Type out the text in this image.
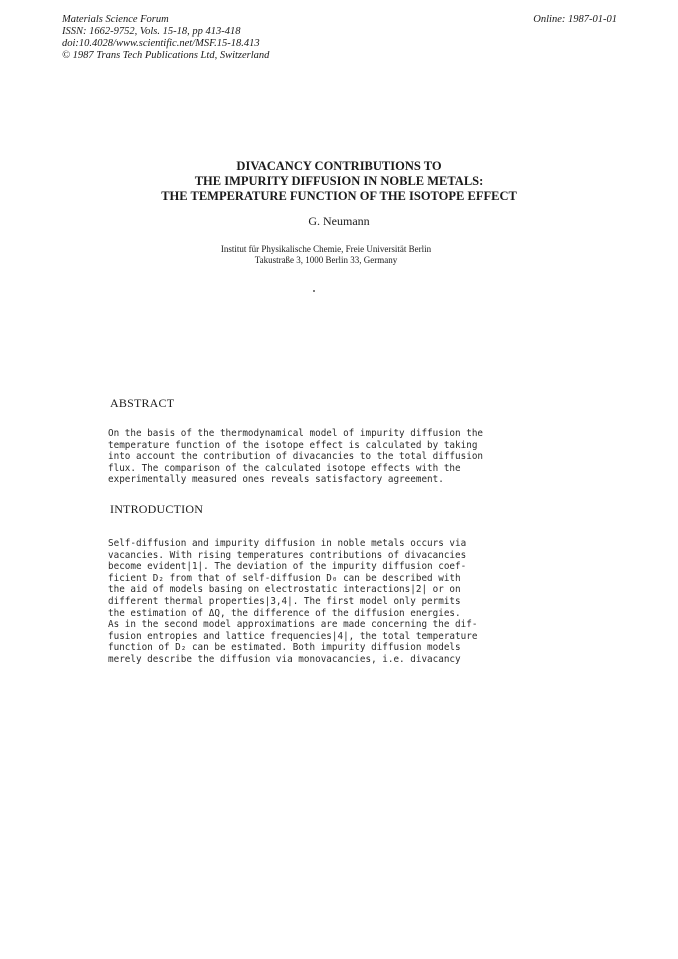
Materials Science Forum
ISSN: 1662-9752, Vols. 15-18, pp 413-418
doi:10.4028/www.scientific.net/MSF.15-18.413
© 1987 Trans Tech Publications Ltd, Switzerland
Online: 1987-01-01
DIVACANCY CONTRIBUTIONS TO
THE IMPURITY DIFFUSION IN NOBLE METALS:
THE TEMPERATURE FUNCTION OF THE ISOTOPE EFFECT
G. Neumann
Institut für Physikalische Chemie, Freie Universität Berlin
Takustraße 3, 1000 Berlin 33, Germany
ABSTRACT
On the basis of the thermodynamical model of impurity diffusion the
temperature function of the isotope effect is calculated by taking
into account the contribution of divacancies to the total diffusion
flux. The comparison of the calculated isotope effects with the
experimentally measured ones reveals satisfactory agreement.
INTRODUCTION
Self-diffusion and impurity diffusion in noble metals occurs via
vacancies. With rising temperatures contributions of divacancies
become evident|1|. The deviation of the impurity diffusion coef-
ficient D₂ from that of self-diffusion D₀ can be described with
the aid of models basing on electrostatic interactions|2| or on
different thermal properties|3,4|. The first model only permits
the estimation of ΔQ, the difference of the diffusion energies.
As in the second model approximations are made concerning the dif-
fusion entropies and lattice frequencies|4|, the total temperature
function of D₂ can be estimated. Both impurity diffusion models
merely describe the diffusion via monovacancies, i.e. divacancy
